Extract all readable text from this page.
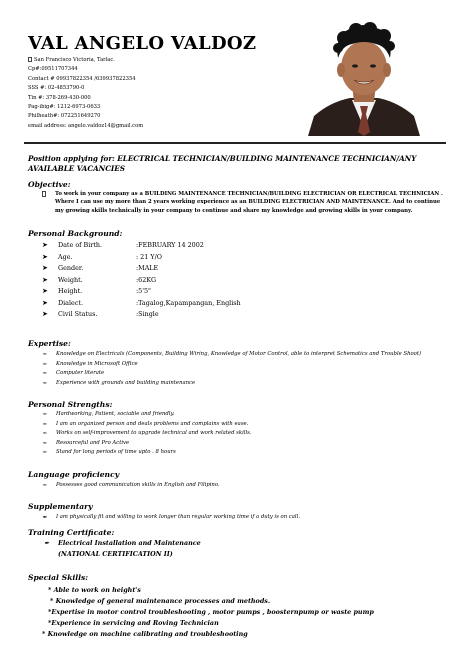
VAL ANGELO VALDOZ
San Francisco Victoria, Tarlac.
Cp#:09511707344
Contact # 09937822354 /639937822354
SSS #: 02-4853790-0
Tin #: 378-269-430-000
Pag-ibig#: 1212-6973-0633
Philheath#: 072251649270
email address: angelo.valdoz14@gmail.com
Position applying for: ELECTRICAL TECHNICIAN/BUILDING MAINTENANCE TECHNICIAN/ANY AVAILABLE VACANCIES
Objective:
To work in your company as a BUILDING MAINTENANCE TECHNICIAN/BUILDING ELECTRICIAN OR ELECTRICAL TECHNICIAN . Where I can use my more than 2 years working experience as an BUILDING ELECTRICIAN AND MAINTENANCE. And to continue my growing skills technically in your company to continue and share my knowledge and growing skills in your company.
Personal Background:
➤	Date of Birth.	:FEBRUARY 14 2002
➤	Age.	: 21 Y/O
➤	Gender.	:MALE
➤	Weight.	:62KG
➤	Height.	:5'5"
➤	Dialect.	:Tagalog,Kapampangan, English
➤	Civil Status.	:Single
Expertise:
✒	Knowledge on Electricals (Components, Building Wiring, Knowledge of Motor Control, able to interpret Schematics and Trouble Shoot)
✒	Knowledge in Microsoft Office
✒	Computer literate
✒	Experience with grounds and building maintenance
Personal Strengths:
✒	Hardworking, Patient, sociable and friendly.
✒	I am an organized person and deals problems and complains with ease.
✒	Works on self-improvement to upgrade technical and work related skills.
✒	Resourceful and Pro Active
✒	Stand for long periods of time upto . 8 hours
Language proficiency
✒	Possesses good communication skills in English and Filipino.
Supplementary
✒	I am physically fit and willing to work longer than regular working time if a duty is on call.
Training Certificate:
✒	Electrical Installation and Maintenance
(NATIONAL CERTIFICATION II)
Special Skills:
* Able to work on height's
* Knowledge of general maintenance processes and methods.
*Expertise in motor control troubleshooting , motor pumps , boosternpump or waste pump
*Experience in servicing and Roving Technician
* Knowledge on machine calibrating and troubleshooting
